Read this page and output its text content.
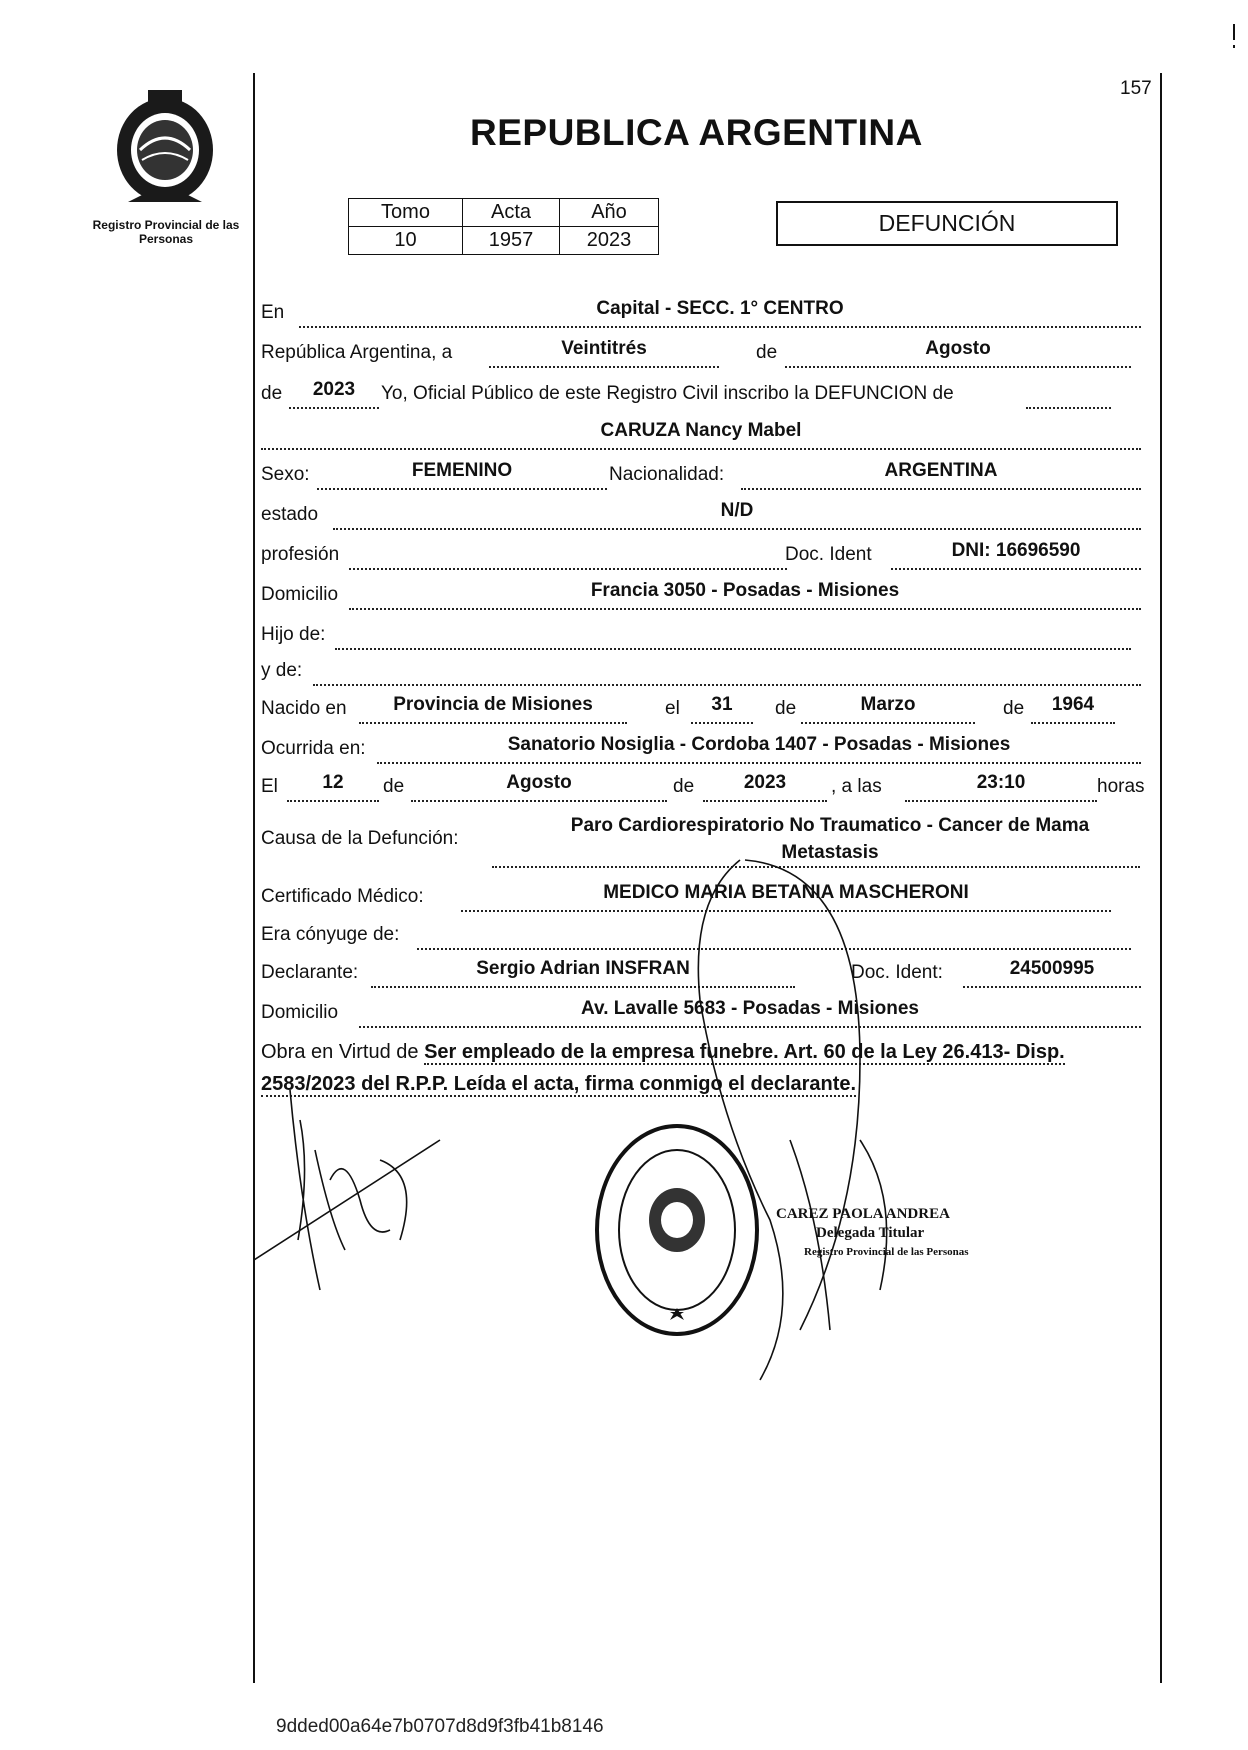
Registro Provincial de las Personas
157
REPUBLICA ARGENTINA
Tomo	Acta	Año
10	1957	2023
DEFUNCIÓN
En	Capital - SECC. 1° CENTRO
República Argentina, a	Veintitrés	de	Agosto
de	2023	Yo, Oficial Público de este Registro Civil inscribo la DEFUNCION de
CARUZA Nancy Mabel
Sexo:	FEMENINO	Nacionalidad:	ARGENTINA
estado	N/D
profesión	Doc. Ident	DNI: 16696590
Domicilio	Francia 3050 - Posadas - Misiones
Hijo de:
y de:
Nacido en	Provincia de Misiones	el	31	de	Marzo	de	1964
Ocurrida en:	Sanatorio Nosiglia - Cordoba 1407 - Posadas - Misiones
El	12	de	Agosto	de	2023	, a las	23:10	horas
Causa de la Defunción:
Paro Cardiorespiratorio No Traumatico - Cancer de Mama
Metastasis
Certificado Médico:	MEDICO MARIA BETANIA MASCHERONI
Era cónyuge de:
Declarante:	Sergio Adrian INSFRAN	Doc. Ident:	24500995
Domicilio	Av. Lavalle 5683 - Posadas - Misiones
Obra en Virtud de Ser empleado de la empresa funebre. Art. 60 de la Ley 26.413- Disp. 2583/2023 del R.P.P. Leída el acta, firma conmigo el declarante.
CAREZ PAOLA ANDREA
Delegada Titular
Registro Provincial de las Personas
9dded00a64e7b0707d8d9f3fb41b8146
